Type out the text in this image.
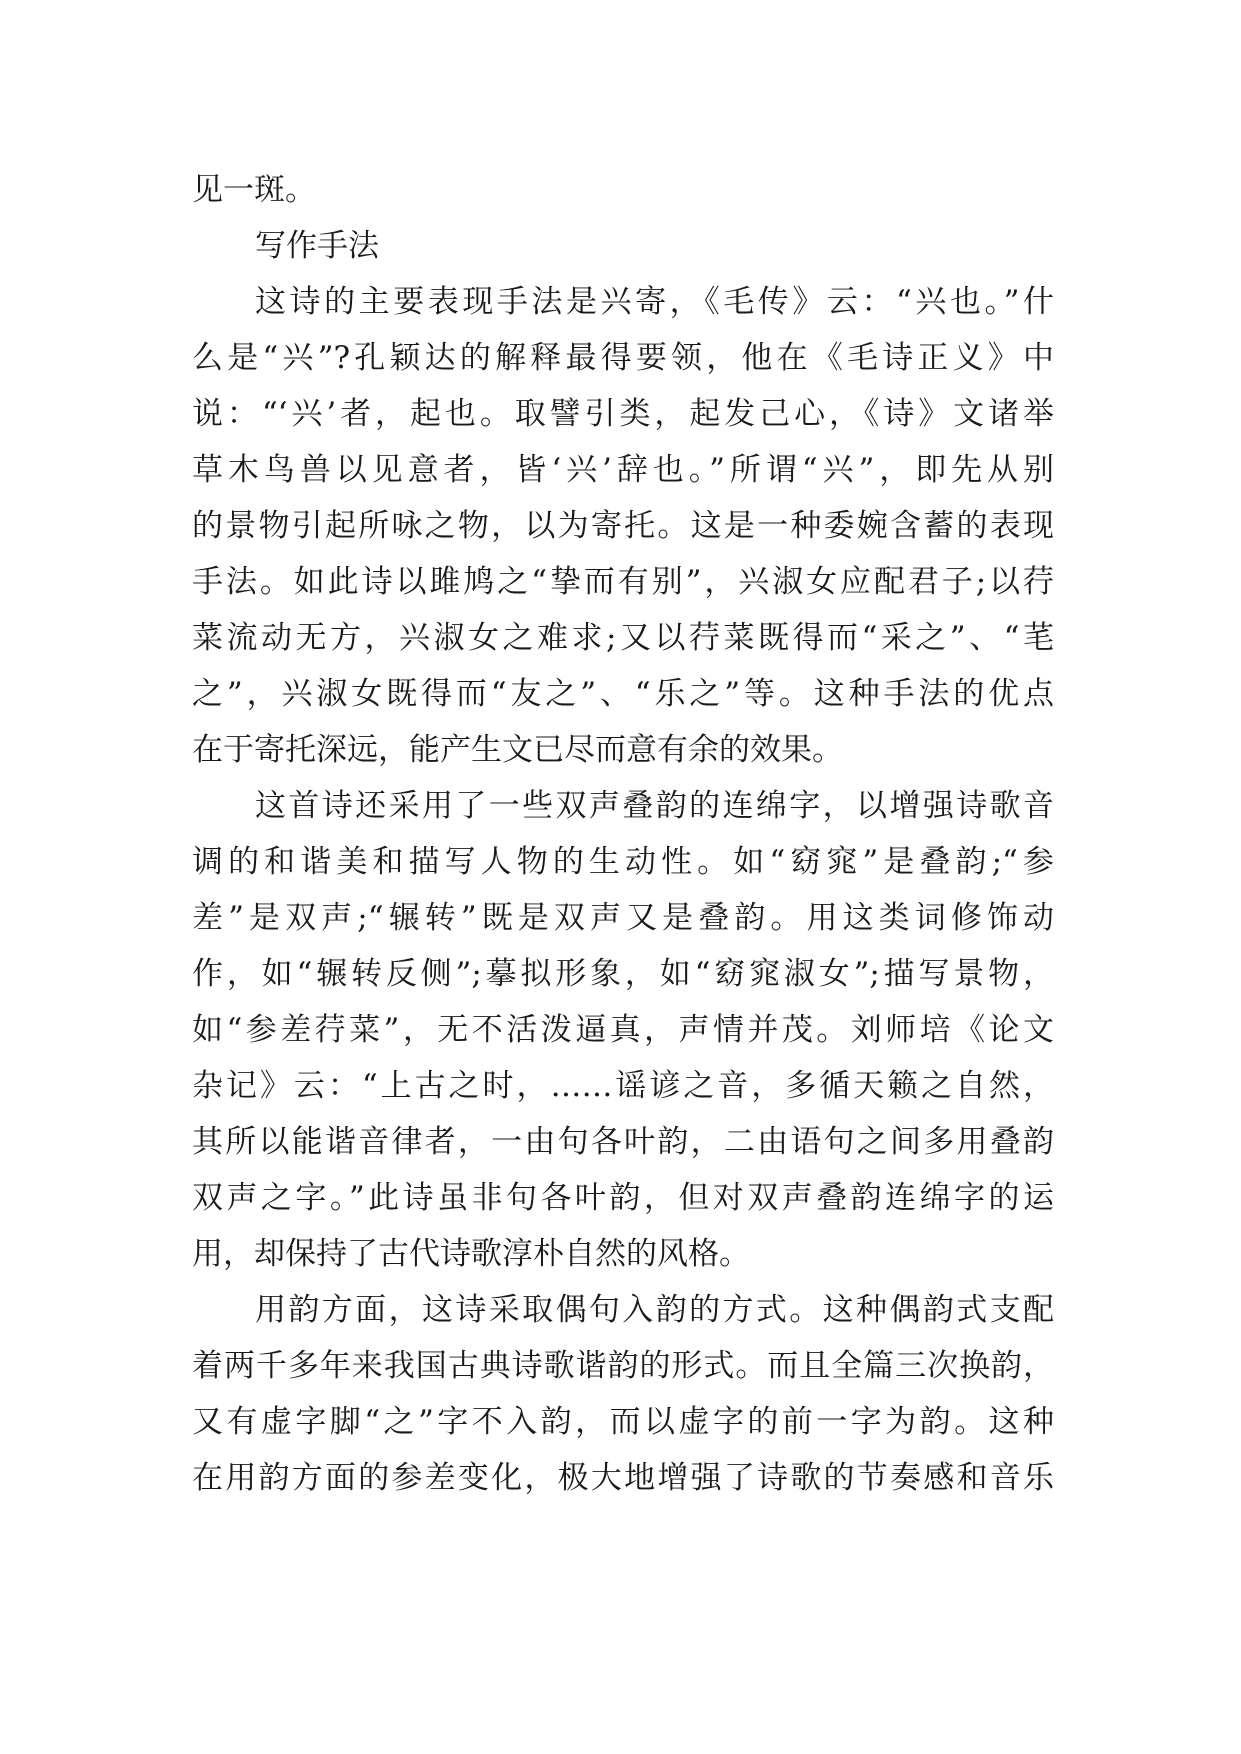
见一斑。
写作手法
这诗的主要表现手法是兴寄，《毛传》云：“兴也。”什
么是“兴”?孔颖达的解释最得要领，他在《毛诗正义》中
说：“‘兴’者，起也。取譬引类，起发己心，《诗》文诸举
草木鸟兽以见意者，皆‘兴’辞也。”所谓“兴”，即先从别
的景物引起所咏之物，以为寄托。这是一种委婉含蓄的表现
手法。如此诗以雎鸠之“挚而有别”，兴淑女应配君子;以荇
菜流动无方，兴淑女之难求;又以荇菜既得而“采之”、“芼
之”，兴淑女既得而“友之”、“乐之”等。这种手法的优点
在于寄托深远，能产生文已尽而意有余的效果。
这首诗还采用了一些双声叠韵的连绵字，以增强诗歌音
调的和谐美和描写人物的生动性。如“窈窕”是叠韵;“参
差”是双声;“辗转”既是双声又是叠韵。用这类词修饰动
作，如“辗转反侧”;摹拟形象，如“窈窕淑女”;描写景物，
如“参差荇菜”，无不活泼逼真，声情并茂。刘师培《论文
杂记》云：“上古之时，……谣谚之音，多循天籁之自然，
其所以能谐音律者，一由句各叶韵，二由语句之间多用叠韵
双声之字。”此诗虽非句各叶韵，但对双声叠韵连绵字的运
用，却保持了古代诗歌淳朴自然的风格。
用韵方面，这诗采取偶句入韵的方式。这种偶韵式支配
着两千多年来我国古典诗歌谐韵的形式。而且全篇三次换韵，
又有虚字脚“之”字不入韵，而以虚字的前一字为韵。这种
在用韵方面的参差变化，极大地增强了诗歌的节奏感和音乐
